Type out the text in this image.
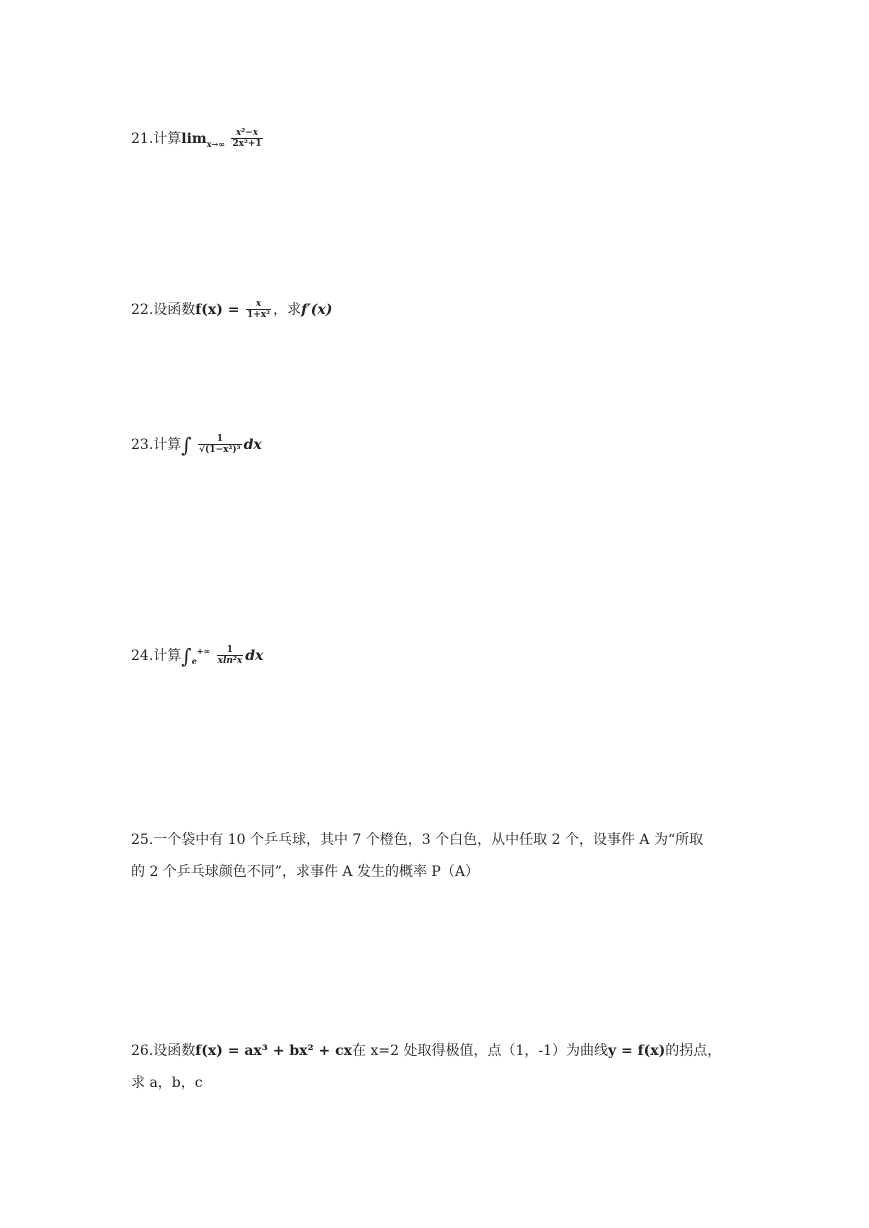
21.计算$\lim_{x\to\infty} \frac{\text{x²−x}}{\text{2x²+1}}$
22.设函数$f(x) = \frac{x}{\text{1+x²}}$ ，求f′(x)
23.计算∫ $\frac{1}{\text{√(1−x²)³}}$ dx
24.计算$\int_e^{+\infty} \frac{1}{\text{xln²x}}$ dx
25.一个袋中有 10 个乒乓球，其中 7 个橙色，3 个白色，从中任取 2 个，设事件 A 为“所取
的 2 个乒乓球颜色不同”，求事件 A 发生的概率 P（A）
26.设函数f(x) = ax³ + bx² + cx在 x=2 处取得极值，点（1，-1）为曲线y = f(x)的拐点，
求 a，b，c
